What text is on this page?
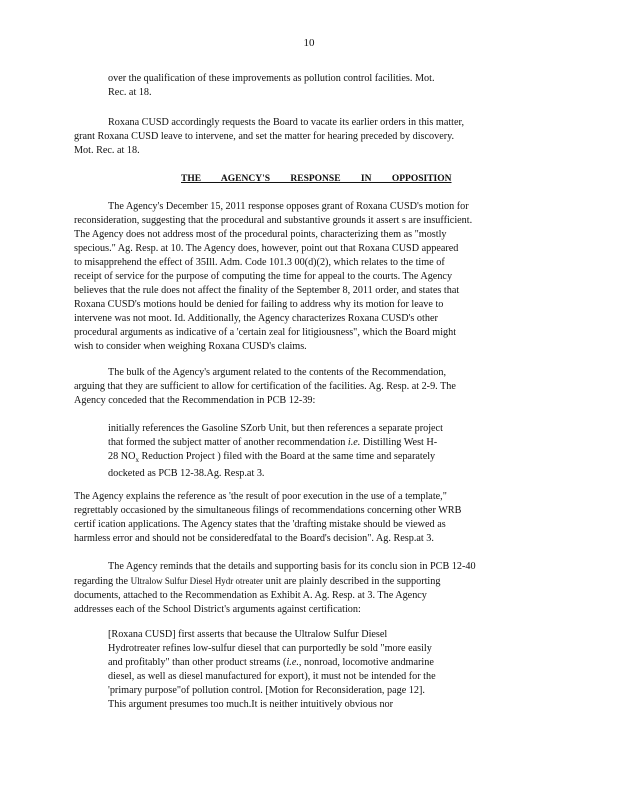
10
over the qualification of these improvements as pollution control facilities. Mot.
Rec. at 18.
Roxana CUSD accordingly requests the Board to vacate its earlier orders in this matter,
grant Roxana CUSD leave to intervene, and set the matter for hearing preceded by discovery.
Mot. Rec. at 18.
THE AGENCY'S RESPONSE IN OPPOSITION
The Agency's December 15, 2011 response opposes grant of Roxana CUSD's motion for
reconsideration, suggesting that the procedural and substantive grounds it assert s are insufficient.
The Agency does not address most of the procedural points, characterizing them as "mostly
specious." Ag. Resp. at 10. The Agency does, however, point out that Roxana CUSD appeared
to misapprehend the effect of 35Ill. Adm. Code 101.3 00(d)(2), which relates to the time of
receipt of service for the purpose of computing the time for appeal to the courts. The Agency
believes that the rule does not affect the finality of the September 8, 2011 order, and states that
Roxana CUSD's motions hould be denied for failing to address why its motion for leave to
intervene was not moot. Id. Additionally, the Agency characterizes Roxana CUSD's other
procedural arguments as indicative of a 'certain zeal for litigiousness", which the Board might
wish to consider when weighing Roxana CUSD's claims.
The bulk of the Agency's argument related to the contents of the Recommendation,
arguing that they are sufficient to allow for certification of the facilities. Ag. Resp. at 2-9. The
Agency conceded that the Recommendation in PCB 12-39:
initially references the Gasoline SZorb Unit, but then references a separate project
that formed the subject matter of another recommendation i.e. Distilling West H-
28 $NO_x$ Reduction Project ) filed with the Board at the same time and separately
docketed as PCB 12-38.Ag. Resp.at 3.
The Agency explains the reference as 'the result of poor execution in the use of a template,"
regrettably occasioned by the simultaneous filings of recommendations concerning other WRB
certif ication applications. The Agency states that the 'drafting mistake should be viewed as
harmless error and should not be consideredfatal to the Board's decision". Ag. Resp.at 3.
The Agency reminds that the details and supporting basis for its conclu sion in PCB 12-40
regarding the Ultralow Sulfur Diesel Hydr otreater unit are plainly described in the supporting
documents, attached to the Recommendation as Exhibit A. Ag. Resp. at 3. The Agency
addresses each of the School District's arguments against certification:
[Roxana CUSD] first asserts that because the Ultralow Sulfur Diesel
Hydrotreater refines low-sulfur diesel that can purportedly be sold "more easily
and profitably" than other product streams (i.e., nonroad, locomotive andmarine
diesel, as well as diesel manufactured for export), it must not be intended for the
'primary purpose"of pollution control. [Motion for Reconsideration, page 12].
This argument presumes too much.It is neither intuitively obvious nor
